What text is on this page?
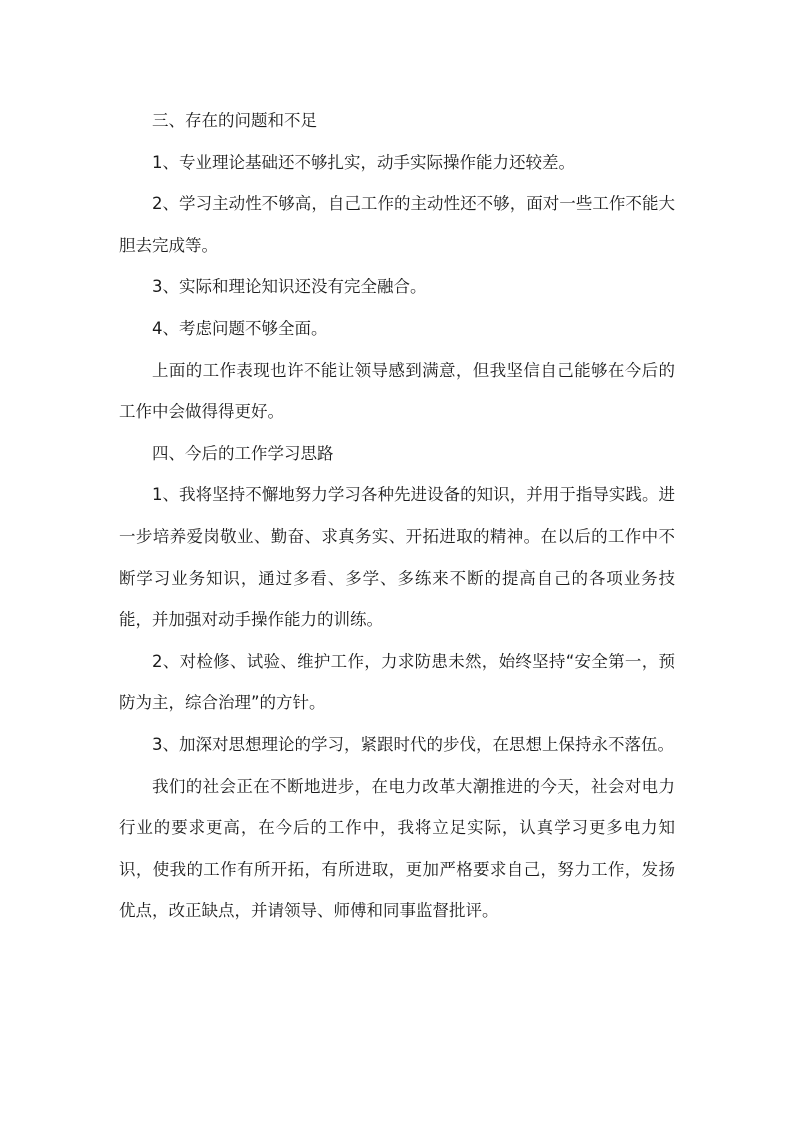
三、存在的问题和不足

1、专业理论基础还不够扎实，动手实际操作能力还较差。

2、学习主动性不够高，自己工作的主动性还不够，面对一些工作不能大胆去完成等。

3、实际和理论知识还没有完全融合。

4、考虑问题不够全面。

上面的工作表现也许不能让领导感到满意，但我坚信自己能够在今后的工作中会做得得更好。

四、今后的工作学习思路

1、我将坚持不懈地努力学习各种先进设备的知识，并用于指导实践。进一步培养爱岗敬业、勤奋、求真务实、开拓进取的精神。在以后的工作中不断学习业务知识，通过多看、多学、多练来不断的提高自己的各项业务技能，并加强对动手操作能力的训练。

2、对检修、试验、维护工作，力求防患未然，始终坚持“安全第一，预防为主，综合治理”的方针。

3、加深对思想理论的学习，紧跟时代的步伐，在思想上保持永不落伍。

我们的社会正在不断地进步，在电力改革大潮推进的今天，社会对电力行业的要求更高，在今后的工作中，我将立足实际，认真学习更多电力知识，使我的工作有所开拓，有所进取，更加严格要求自己，努力工作，发扬优点，改正缺点，并请领导、师傅和同事监督批评。
